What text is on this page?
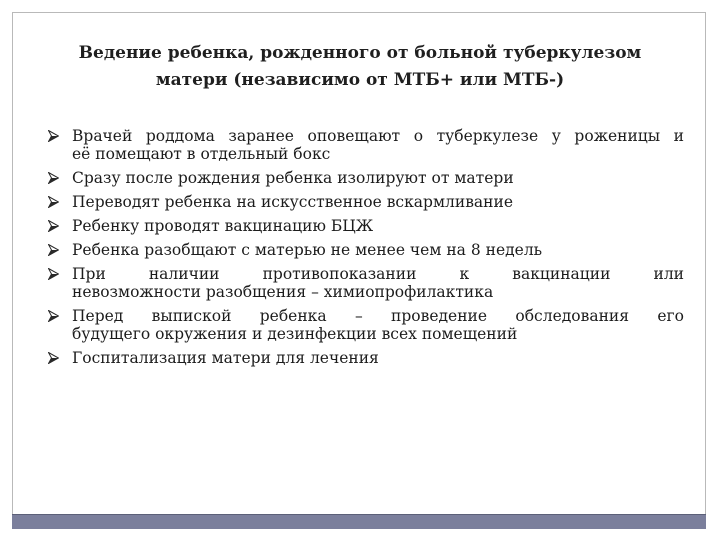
Ведение ребенка, рожденного от больной туберкулезом
матери (независимо от МТБ+ или МТБ-)
Врачей роддома заранее оповещают о туберкулезе у роженицы и
её помещают в отдельный бокс
Сразу после рождения ребенка изолируют от матери
Переводят ребенка на искусственное вскармливание
Ребенку проводят вакцинацию БЦЖ
Ребенка разобщают с матерью не менее чем на 8 недель
При наличии противопоказании к вакцинации или
невозможности разобщения – химиопрофилактика
Перед выпиской ребенка – проведение обследования его
будущего окружения и дезинфекции всех помещений
Госпитализация матери для лечения
